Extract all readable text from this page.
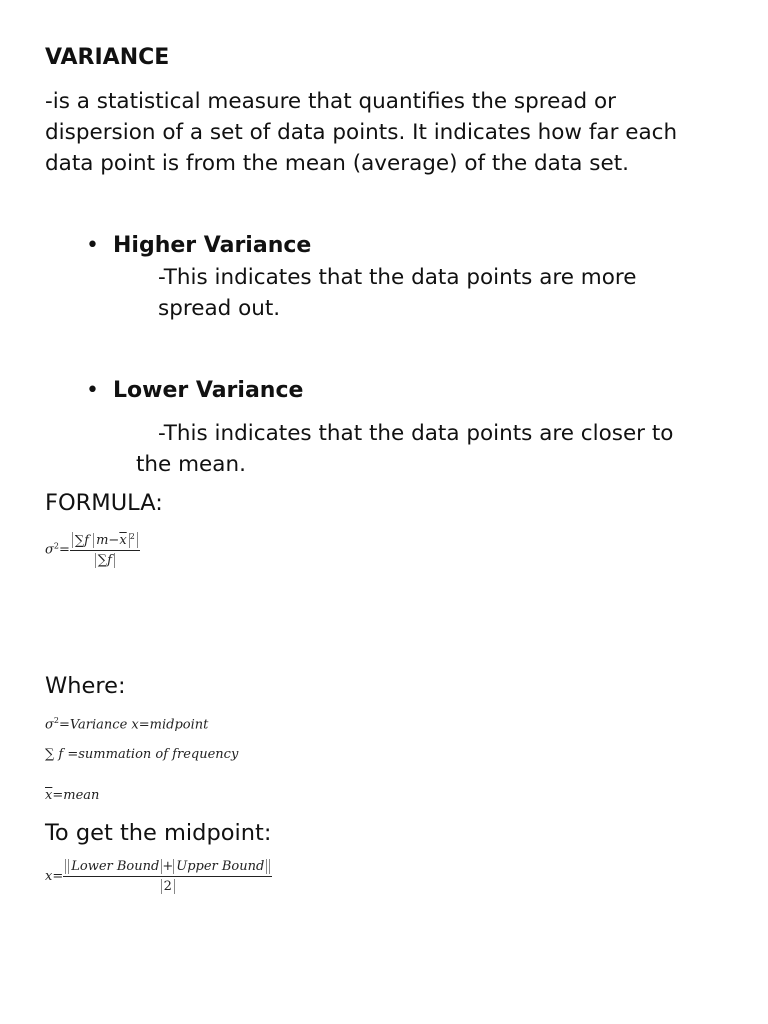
VARIANCE

-is a statistical measure that quantifies the spread or

dispersion of a set of data points. It indicates how far each

data point is from the mean (average) of the data set.

• Higher Variance

-This indicates that the data points are more

spread out.

• Lower Variance

-This indicates that the data points are closer to

the mean.

FORMULA:

$\sigma^2= \frac{\sum f m-\overline{x} ^2}{\sum f}$

Where:

$\sigma^2=Variance$ x=midpoint
∑ f =summation of frequency
$\overline{x}=mean$

To get the midpoint:

$x= \frac{\text{Lower Bound + Upper Bound}}{2}$
